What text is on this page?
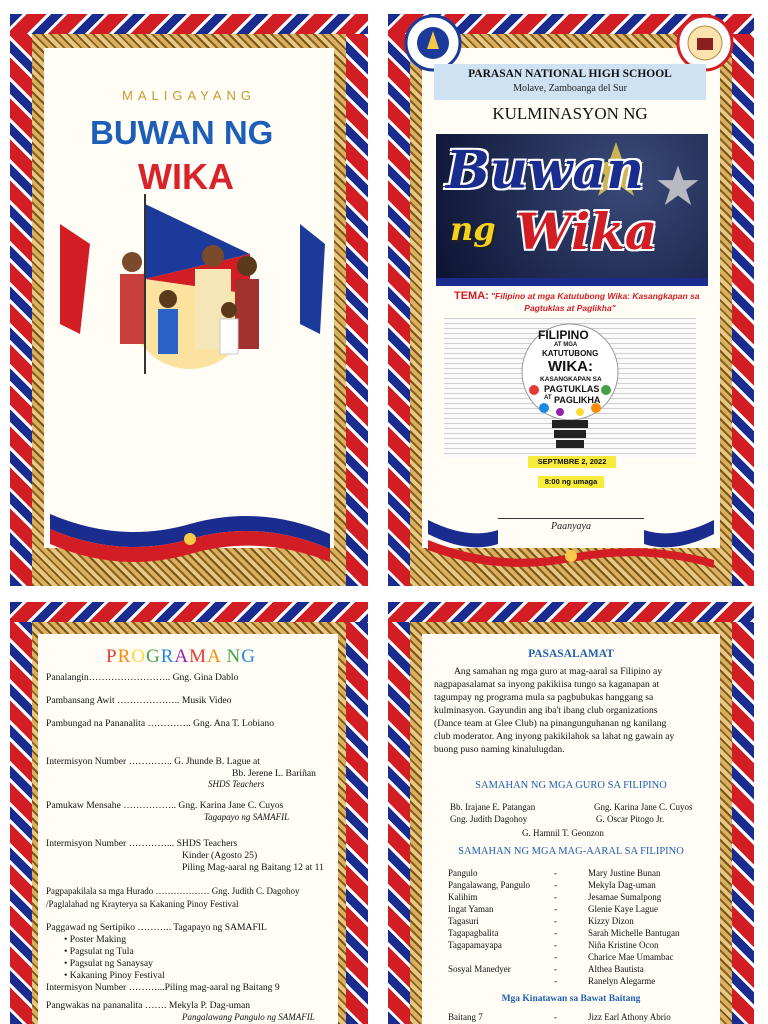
MALIGAYANG
BUWAN NG
WIKA
PARASAN NATIONAL HIGH SCHOOL
Molave, Zamboanga del Sur
KULMINASYON NG
Buwan
ng Wika
TEMA: "Filipino at mga Katutubong Wika: Kasangkapan sa
Pagtuklas at Paglikha"
FILIPINO
AT MGA
KATUTUBONG
WIKA:
KASANGKAPAN SA
PAGTUKLAS
AT PAGLIKHA
SEPTMBRE 2, 2022
8:00 ng umaga
Paanyaya
PROGRAMA NG
Panalangin…………………….. Gng. Gina Dablo
Pambansang Awit ……………….. Musik Video
Pambungad na Pananalita ………….. Gng. Ana T. Lobiano
Intermisyon Number ………….. G. Jhunde B. Lague at
Bb. Jerene L. Bariñan
SHDS Teachers
Pamukaw Mensahe …………….. Gng. Karina Jane C. Cuyos
Tagapayo ng SAMAFIL
Intermisyon Number …………... SHDS Teachers
Kinder (Agosto 25)
Piling Mag-aaral ng Baitang 12 at 11
Pagpapakilala sa mga Hurado ……………… Gng. Judith C. Dagohoy
/Paglalahad ng Krayterya sa Kakaning Pinoy Festival
Paggawad ng Sertipiko ……….. Tagapayo ng SAMAFIL
• Poster Making
• Pagsulat ng Tula
• Pagsulat ng Sanaysay
• Kakaning Pinoy Festival
Intermisyon Number ………...Piling mag-aaral ng Baitang 9
Pangwakas na pananalita ……. Mekyla P. Dag-uman
Pangalawang Pangulo ng SAMAFIL
PASASALAMAT
Ang samahan ng mga guro at mag-aaral sa Filipino ay
nagpapasalamat sa inyong pakikiisa tungo sa kaganapan at
tagumpay ng programa mula sa pagbubukas hanggang sa
kulminasyon. Gayundin ang iba't ibang club organizations
(Dance team at Glee Club) na pinangunguhanan ng kanilang
club moderator. Ang inyong pakikilahok sa lahat ng gawain ay
buong puso naming kinalulugdan.
SAMAHAN NG MGA GURO SA FILIPINO
Bb. Irajane E. Patangan	Gng. Karina Jane C. Cuyos
Gng. Judith Dagohoy	G. Oscar Pitogo Jr.
G. Hamnil T. Geonzon
SAMAHAN NG MGA MAG-AARAL SA FILIPINO
Pangulo	-	Mary Justine Bunan
Pangalawang, Pangulo	-	Mekyla Dag-uman
Kalihim	-	Jesamae Sumalpong
Ingat Yaman	-	Glenie Kaye Lague
Tagasuri	-	Kizzy Dizon
Tagapagbalita	-	Sarah Michelle Bantugan
Tagapamayapa	-	Niña Kristine Ocon
-	Charice Mae Umambac
Sosyal Manedyer	-	Althea Bautista
-	Ranelyn Alegarme
Mga Kinatawan sa Bawat Baitang
Baitang 7	-	Jizz Earl Athony Abrio
